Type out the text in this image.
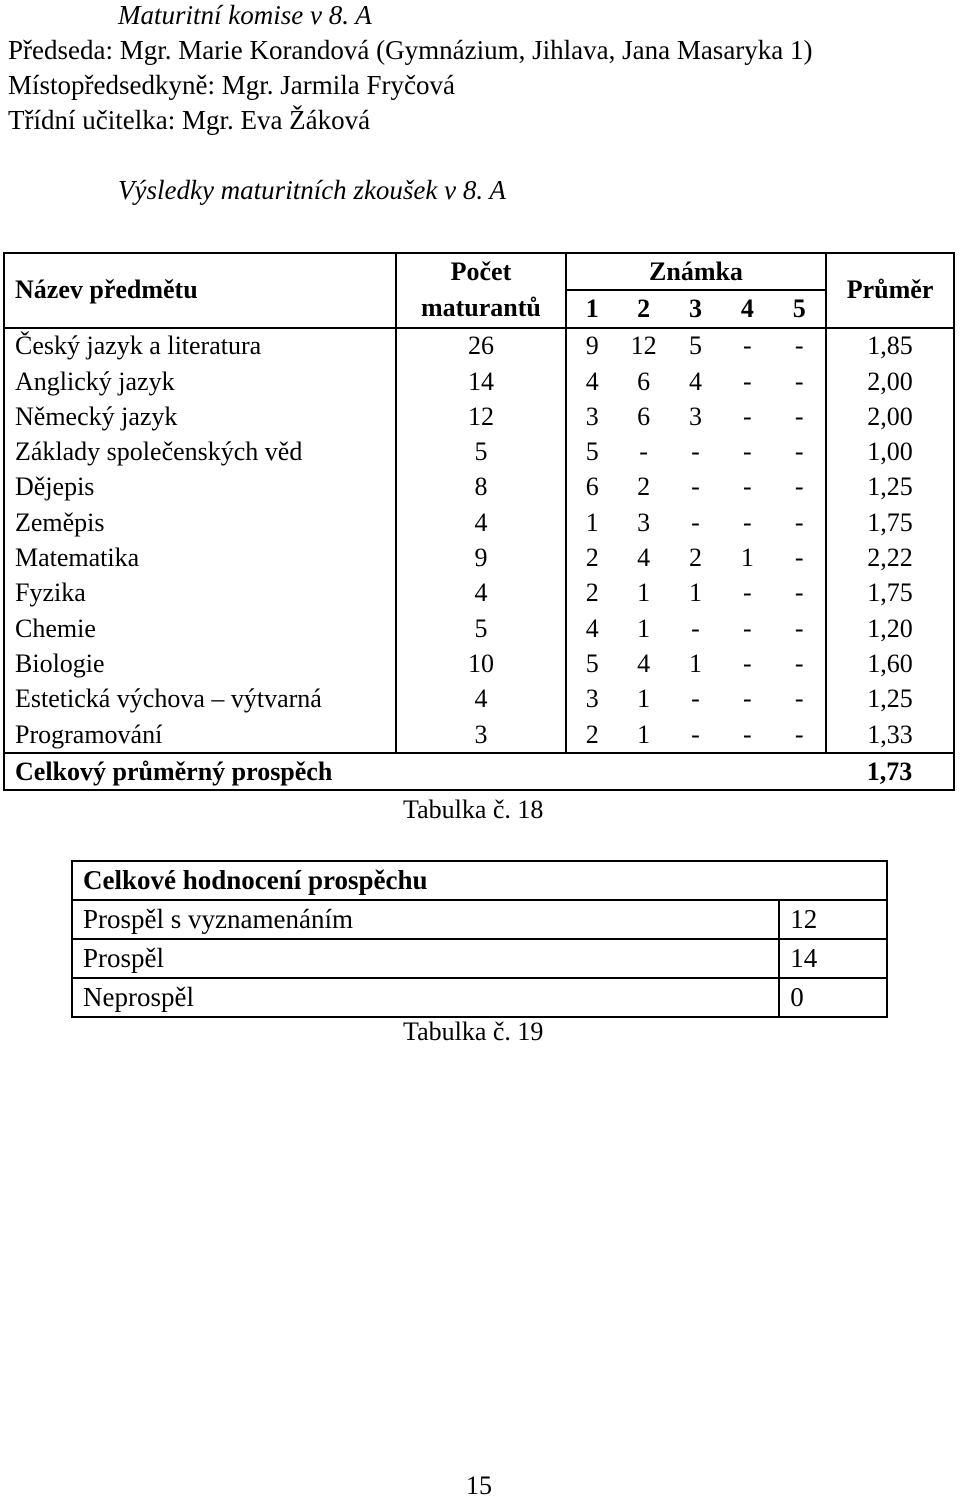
Maturitní komise v 8. A
Předseda: Mgr. Marie Korandová (Gymnázium, Jihlava, Jana Masaryka 1)
Místopředsedkyně: Mgr. Jarmila Fryčová
Třídní učitelka: Mgr. Eva Žáková
Výsledky maturitních zkoušek v 8. A
Název předmětu	Počet	Známka					Průměr
	maturantů	1	2	3	4	5	
Český jazyk a literatura	26	9	12	5	-	-	1,85
Anglický jazyk	14	4	6	4	-	-	2,00
Německý jazyk	12	3	6	3	-	-	2,00
Základy společenských věd	5	5	-	-	-	-	1,00
Dějepis	8	6	2	-	-	-	1,25
Zeměpis	4	1	3	-	-	-	1,75
Matematika	9	2	4	2	1	-	2,22
Fyzika	4	2	1	1	-	-	1,75
Chemie	5	4	1	-	-	-	1,20
Biologie	10	5	4	1	-	-	1,60
Estetická výchova – výtvarná	4	3	1	-	-	-	1,25
Programování	3	2	1	-	-	-	1,33
Celkový průměrný prospěch							1,73
Tabulka č. 18
Celkové hodnocení prospěchu	
Prospěl s vyznamenáním	12
Prospěl	14
Neprospěl	0
Tabulka č. 19
15
